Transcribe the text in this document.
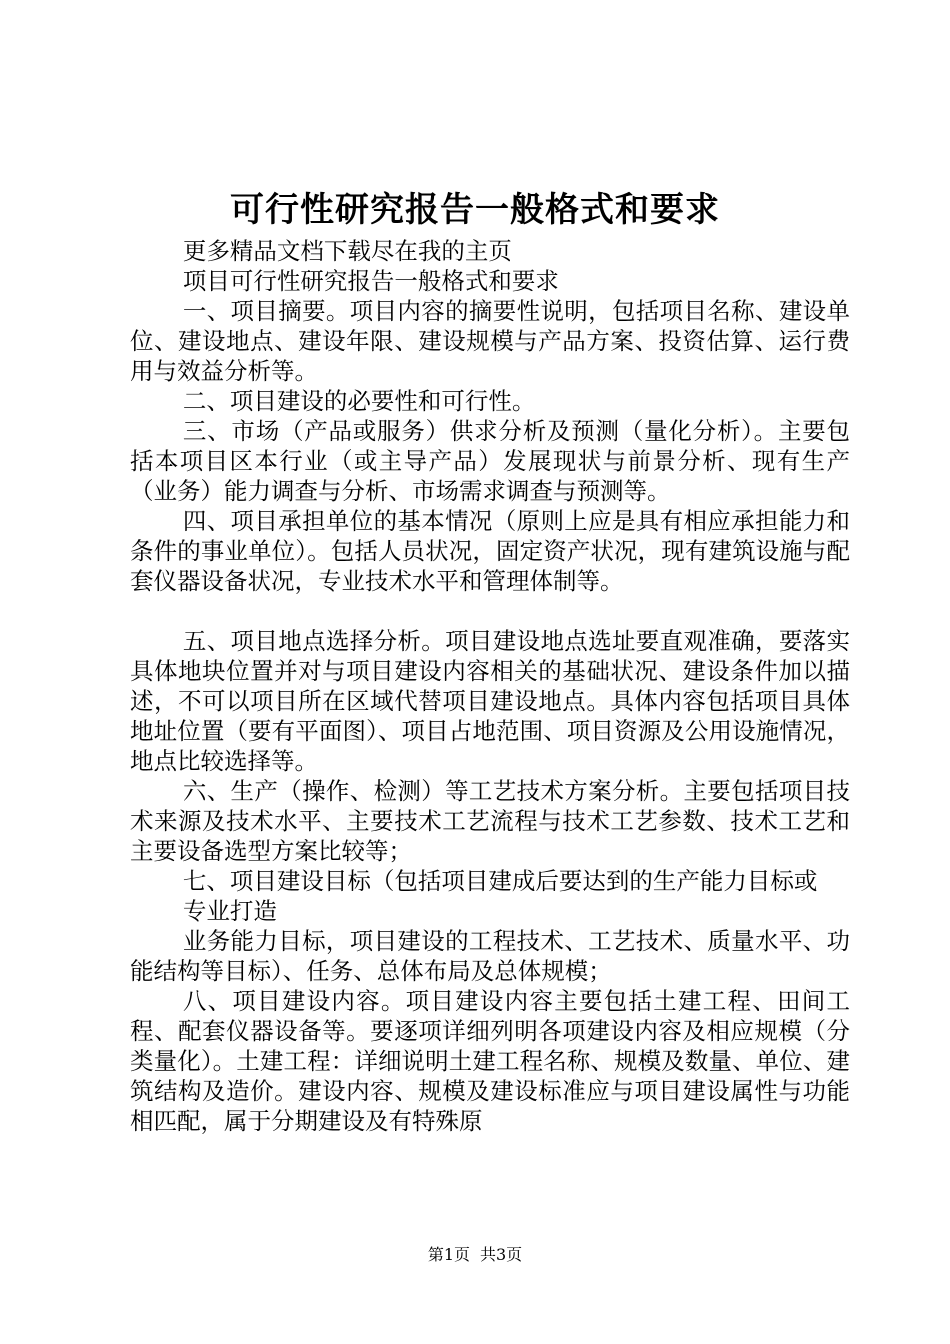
可行性研究报告一般格式和要求

更多精品文档下载尽在我的主页

项目可行性研究报告一般格式和要求

一、项目摘要。项目内容的摘要性说明，包括项目名称、建设单位、建设地点、建设年限、建设规模与产品方案、投资估算、运行费用与效益分析等。

二、项目建设的必要性和可行性。

三、市场（产品或服务）供求分析及预测（量化分析）。主要包括本项目区本行业（或主导产品）发展现状与前景分析、现有生产（业务）能力调查与分析、市场需求调查与预测等。

四、项目承担单位的基本情况（原则上应是具有相应承担能力和条件的事业单位）。包括人员状况，固定资产状况，现有建筑设施与配套仪器设备状况，专业技术水平和管理体制等。

五、项目地点选择分析。项目建设地点选址要直观准确，要落实具体地块位置并对与项目建设内容相关的基础状况、建设条件加以描述，不可以项目所在区域代替项目建设地点。具体内容包括项目具体地址位置（要有平面图）、项目占地范围、项目资源及公用设施情况，地点比较选择等。

六、生产（操作、检测）等工艺技术方案分析。主要包括项目技术来源及技术水平、主要技术工艺流程与技术工艺参数、技术工艺和主要设备选型方案比较等；

七、项目建设目标（包括项目建成后要达到的生产能力目标或

专业打造

业务能力目标，项目建设的工程技术、工艺技术、质量水平、功能结构等目标）、任务、总体布局及总体规模；

八、项目建设内容。项目建设内容主要包括土建工程、田间工程、配套仪器设备等。要逐项详细列明各项建设内容及相应规模（分类量化）。土建工程：详细说明土建工程名称、规模及数量、单位、建筑结构及造价。建设内容、规模及建设标准应与项目建设属性与功能相匹配，属于分期建设及有特殊原

第1页 共3页
